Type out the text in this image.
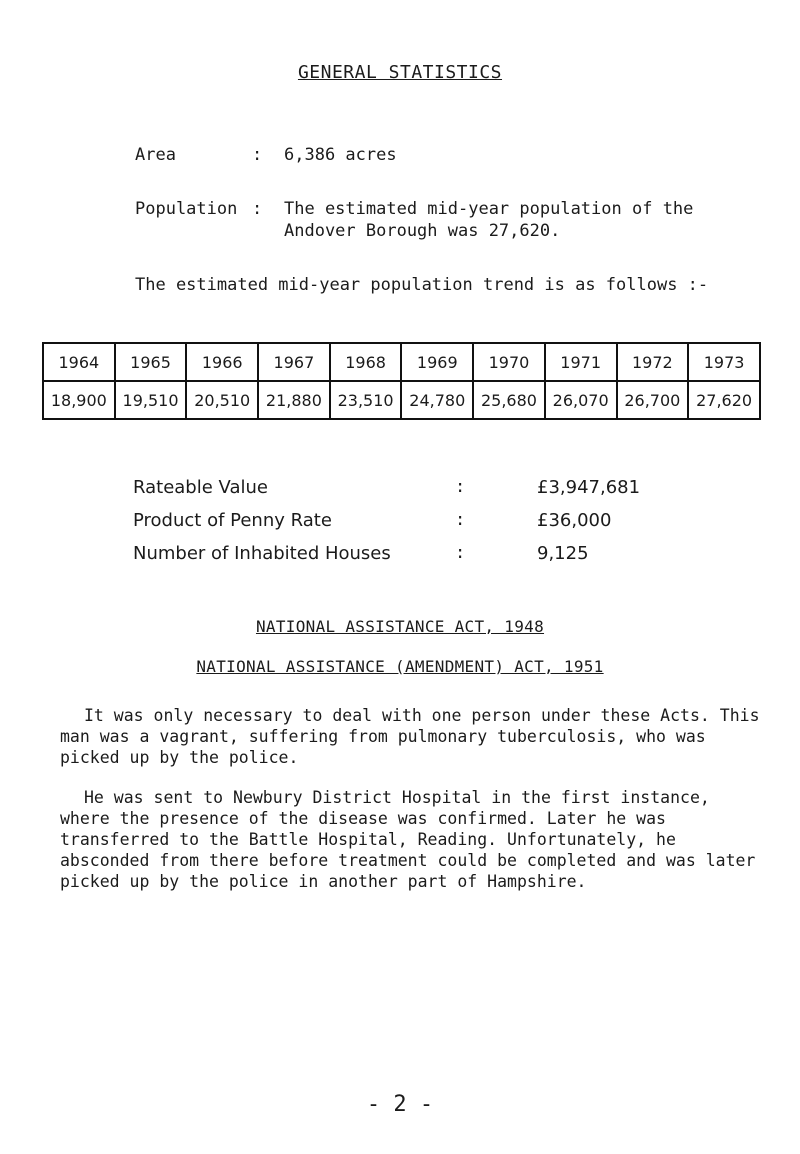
GENERAL STATISTICS
Area	: 6,386 acres
Population : The estimated mid-year population of the
Andover Borough was 27,620.
The estimated mid-year population trend is as follows :-
1964	1965	1966	1967	1968	1969	1970	1971	1972	1973
18,900	19,510	20,510	21,880	23,510	24,780	25,680	26,070	26,700	27,620
Rateable Value	:	£3,947,681
Product of Penny Rate	:	£36,000
Number of Inhabited Houses	:	9,125
NATIONAL ASSISTANCE ACT, 1948
NATIONAL ASSISTANCE (AMENDMENT) ACT, 1951
It was only necessary to deal with one person under these Acts. This man was a vagrant, suffering from pulmonary tuberculosis, who was picked up by the police.
He was sent to Newbury District Hospital in the first instance, where the presence of the disease was confirmed. Later he was transferred to the Battle Hospital, Reading. Unfortunately, he absconded from there before treatment could be completed and was later picked up by the police in another part of Hampshire.
- 2 -
